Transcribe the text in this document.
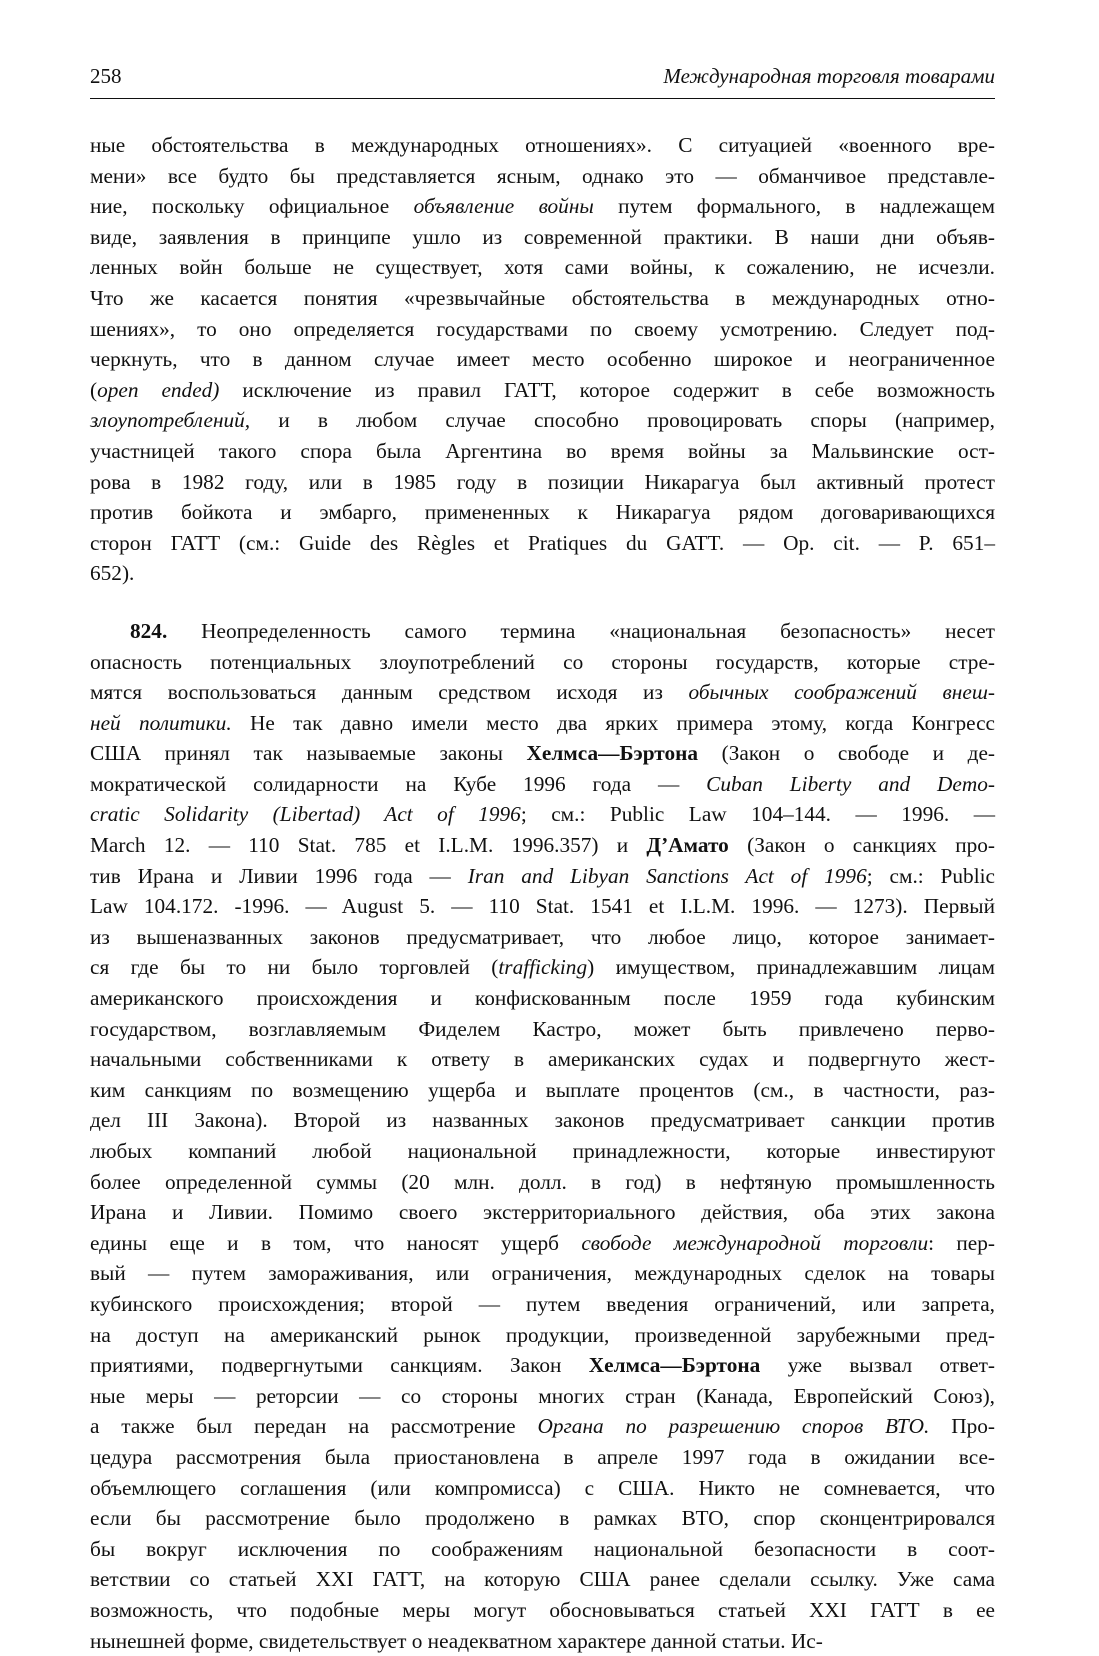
258	Международная торговля товарами
ные обстоятельства в международных отношениях». С ситуацией «военного вре-
мени» все будто бы представляется ясным, однако это — обманчивое представле-
ние, поскольку официальное объявление войны путем формального, в надлежащем
виде, заявления в принципе ушло из современной практики. В наши дни объяв-
ленных войн больше не существует, хотя сами войны, к сожалению, не исчезли.
Что же касается понятия «чрезвычайные обстоятельства в международных отно-
шениях», то оно определяется государствами по своему усмотрению. Следует под-
черкнуть, что в данном случае имеет место особенно широкое и неограниченное
(open ended) исключение из правил ГАТТ, которое содержит в себе возможность
злоупотреблений, и в любом случае способно провоцировать споры (например,
участницей такого спора была Аргентина во время войны за Мальвинские ост-
рова в 1982 году, или в 1985 году в позиции Никарагуа был активный протест
против бойкота и эмбарго, примененных к Никарагуа рядом договаривающихся
сторон ГАТТ (см.: Guide des Règles et Pratiques du GATT. — Op. cit. — P. 651–
652).
824. Неопределенность самого термина «национальная безопасность» несет
опасность потенциальных злоупотреблений со стороны государств, которые стре-
мятся воспользоваться данным средством исходя из обычных соображений внеш-
ней политики. Не так давно имели место два ярких примера этому, когда Конгресс
США принял так называемые законы Хелмса—Бэртона (Закон о свободе и де-
мократической солидарности на Кубе 1996 года — Cuban Liberty and Demo-
cratic Solidarity (Libertad) Act of 1996; см.: Public Law 104–144. — 1996. —
March 12. — 110 Stat. 785 et I.L.M. 1996.357) и Д’Амато (Закон о санкциях про-
тив Ирана и Ливии 1996 года — Iran and Libyan Sanctions Act of 1996; см.: Public
Law 104.172. -1996. — August 5. — 110 Stat. 1541 et I.L.M. 1996. — 1273). Первый
из вышеназванных законов предусматривает, что любое лицо, которое занимает-
ся где бы то ни было торговлей (trafficking) имуществом, принадлежавшим лицам
американского происхождения и конфискованным после 1959 года кубинским
государством, возглавляемым Фиделем Кастро, может быть привлечено перво-
начальными собственниками к ответу в американских судах и подвергнуто жест-
ким санкциям по возмещению ущерба и выплате процентов (см., в частности, раз-
дел III Закона). Второй из названных законов предусматривает санкции против
любых компаний любой национальной принадлежности, которые инвестируют
более определенной суммы (20 млн. долл. в год) в нефтяную промышленность
Ирана и Ливии. Помимо своего экстерриториального действия, оба этих закона
едины еще и в том, что наносят ущерб свободе международной торговли: пер-
вый — путем замораживания, или ограничения, международных сделок на товары
кубинского происхождения; второй — путем введения ограничений, или запрета,
на доступ на американский рынок продукции, произведенной зарубежными пред-
приятиями, подвергнутыми санкциям. Закон Хелмса—Бэртона уже вызвал ответ-
ные меры — реторсии — со стороны многих стран (Канада, Европейский Союз),
а также был передан на рассмотрение Органа по разрешению споров ВТО. Про-
цедура рассмотрения была приостановлена в апреле 1997 года в ожидании все-
объемлющего соглашения (или компромисса) с США. Никто не сомневается, что
если бы рассмотрение было продолжено в рамках ВТО, спор сконцентрировался
бы вокруг исключения по соображениям национальной безопасности в соот-
ветствии со статьей XXI ГАТТ, на которую США ранее сделали ссылку. Уже сама
возможность, что подобные меры могут обосновываться статьей XXI ГАТТ в ее
нынешней форме, свидетельствует о неадекватном характере данной статьи. Ис-
